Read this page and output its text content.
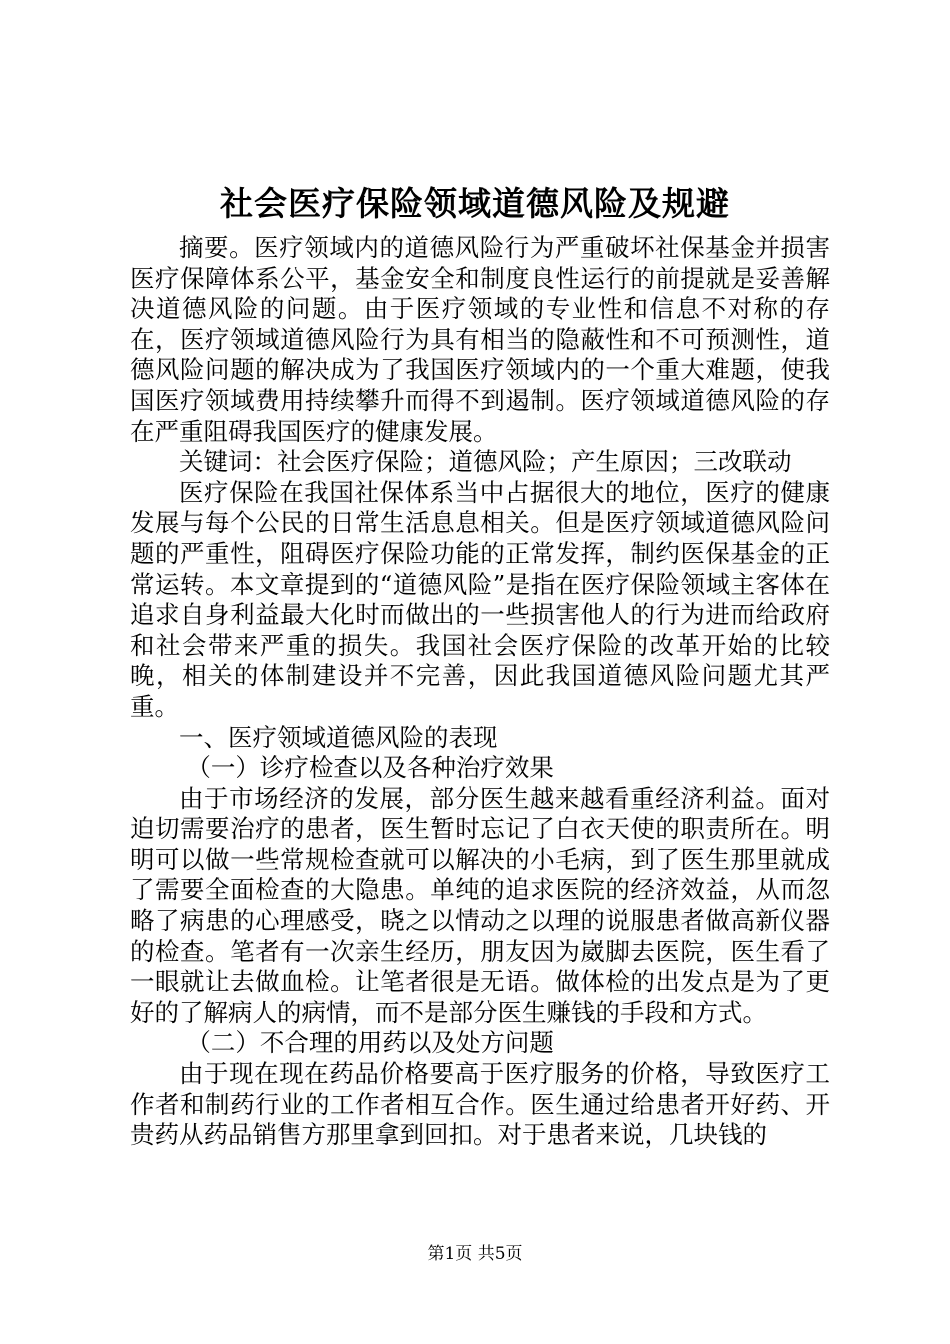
社会医疗保险领域道德风险及规避

摘要。医疗领域内的道德风险行为严重破坏社保基金并损害医疗保障体系公平，基金安全和制度良性运行的前提就是妥善解决道德风险的问题。由于医疗领域的专业性和信息不对称的存在，医疗领域道德风险行为具有相当的隐蔽性和不可预测性，道德风险问题的解决成为了我国医疗领域内的一个重大难题，使我国医疗领域费用持续攀升而得不到遏制。医疗领域道德风险的存在严重阻碍我国医疗的健康发展。

关键词：社会医疗保险；道德风险；产生原因；三改联动

医疗保险在我国社保体系当中占据很大的地位，医疗的健康发展与每个公民的日常生活息息相关。但是医疗领域道德风险问题的严重性，阻碍医疗保险功能的正常发挥，制约医保基金的正常运转。本文章提到的“道德风险”是指在医疗保险领域主客体在追求自身利益最大化时而做出的一些损害他人的行为进而给政府和社会带来严重的损失。我国社会医疗保险的改革开始的比较晚，相关的体制建设并不完善，因此我国道德风险问题尤其严重。

一、医疗领域道德风险的表现

（一）诊疗检查以及各种治疗效果

由于市场经济的发展，部分医生越来越看重经济利益。面对迫切需要治疗的患者，医生暂时忘记了白衣天使的职责所在。明明可以做一些常规检查就可以解决的小毛病，到了医生那里就成了需要全面检查的大隐患。单纯的追求医院的经济效益，从而忽略了病患的心理感受，晓之以情动之以理的说服患者做高新仪器的检查。笔者有一次亲生经历，朋友因为崴脚去医院，医生看了一眼就让去做血检。让笔者很是无语。做体检的出发点是为了更好的了解病人的病情，而不是部分医生赚钱的手段和方式。

（二）不合理的用药以及处方问题

由于现在现在药品价格要高于医疗服务的价格，导致医疗工作者和制药行业的工作者相互合作。医生通过给患者开好药、开贵药从药品销售方那里拿到回扣。对于患者来说，几块钱的

第1页 共5页
